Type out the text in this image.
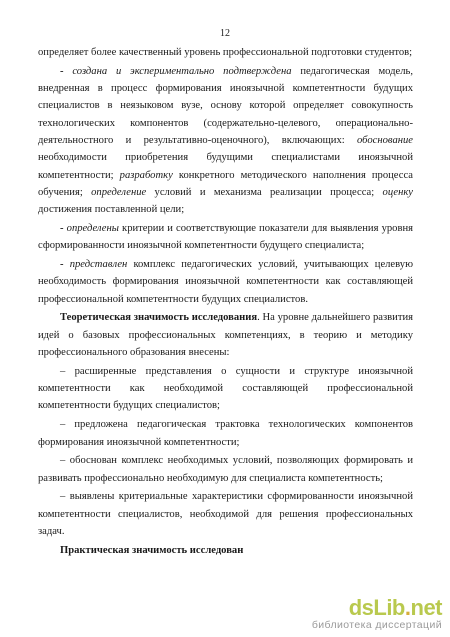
12

определяет более качественный уровень профессиональной подготовки студентов;

- создана и экспериментально подтверждена педагогическая модель, внедренная в процесс формирования иноязычной компетентности будущих специалистов в неязыковом вузе, основу которой определяет совокупность технологических компонентов (содержательно-целевого, операционально-деятельностного и результативно-оценочного), включающих: обоснование необходимости приобретения будущими специалистами иноязычной компетентности; разработку конкретного методического наполнения процесса обучения; определение условий и механизма реализации процесса; оценку достижения поставленной цели;

- определены критерии и соответствующие показатели для выявления уровня сформированности иноязычной компетентности будущего специалиста;

- представлен комплекс педагогических условий, учитывающих целевую необходимость формирования иноязычной компетентности как составляющей профессиональной компетентности будущих специалистов.

Теоретическая значимость исследования. На уровне дальнейшего развития идей о базовых профессиональных компетенциях, в теорию и методику профессионального образования внесены:

– расширенные представления о сущности и структуре иноязычной компетентности как необходимой составляющей профессиональной компетентности будущих специалистов;

– предложена педагогическая трактовка технологических компонентов формирования иноязычной компетентности;

– обоснован комплекс необходимых условий, позволяющих формировать и развивать профессионально необходимую для специалиста компетентность;

– выявлены критериальные характеристики сформированности иноязычной компетентности специалистов, необходимой для решения профессиональных задач.

Практическая значимость исследован

dsLib.net
библиотека диссертаций
